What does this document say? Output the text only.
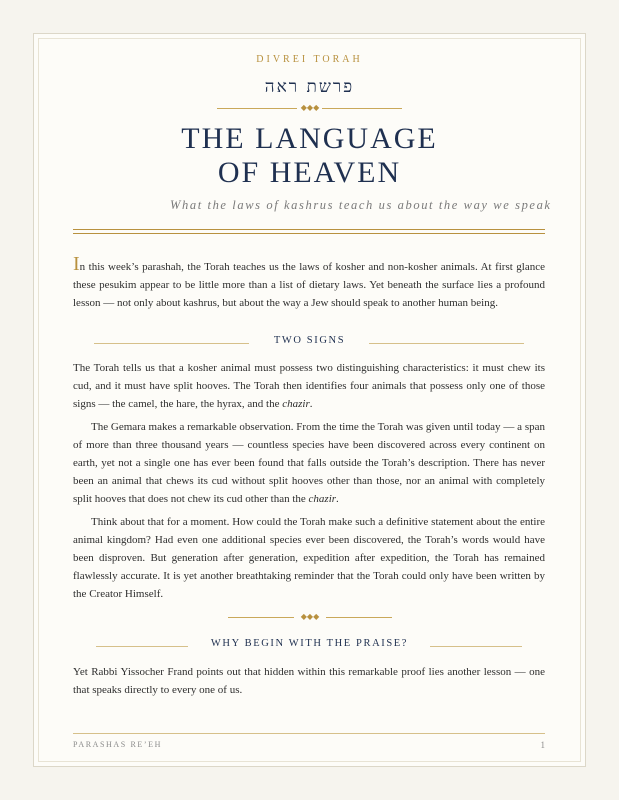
DIVREI TORAH
פרשת ראה
◆◆◆
THE LANGUAGE
OF HEAVEN
What the laws of kashrus teach us about the way we speak

In this week’s parashah, the Torah teaches us the laws of kosher and non-kosher animals. At first glance these pesukim appear to be little more than a list of dietary laws. Yet beneath the surface lies a profound lesson — not only about kashrus, but about the way a Jew should speak to another human being.

TWO SIGNS

The Torah tells us that a kosher animal must possess two distinguishing characteristics: it must chew its cud, and it must have split hooves. The Torah then identifies four animals that possess only one of those signs — the camel, the hare, the hyrax, and the chazir.

The Gemara makes a remarkable observation. From the time the Torah was given until today — a span of more than three thousand years — countless species have been discovered across every continent on earth, yet not a single one has ever been found that falls outside the Torah’s description. There has never been an animal that chews its cud without split hooves other than those, nor an animal with completely split hooves that does not chew its cud other than the chazir.

Think about that for a moment. How could the Torah make such a definitive statement about the entire animal kingdom? Had even one additional species ever been discovered, the Torah’s words would have been disproven. But generation after generation, expedition after expedition, the Torah has remained flawlessly accurate. It is yet another breathtaking reminder that the Torah could only have been written by the Creator Himself.

◆◆◆
WHY BEGIN WITH THE PRAISE?

Yet Rabbi Yissocher Frand points out that hidden within this remarkable proof lies another lesson — one that speaks directly to every one of us.

PARASHAS RE’EH	1
